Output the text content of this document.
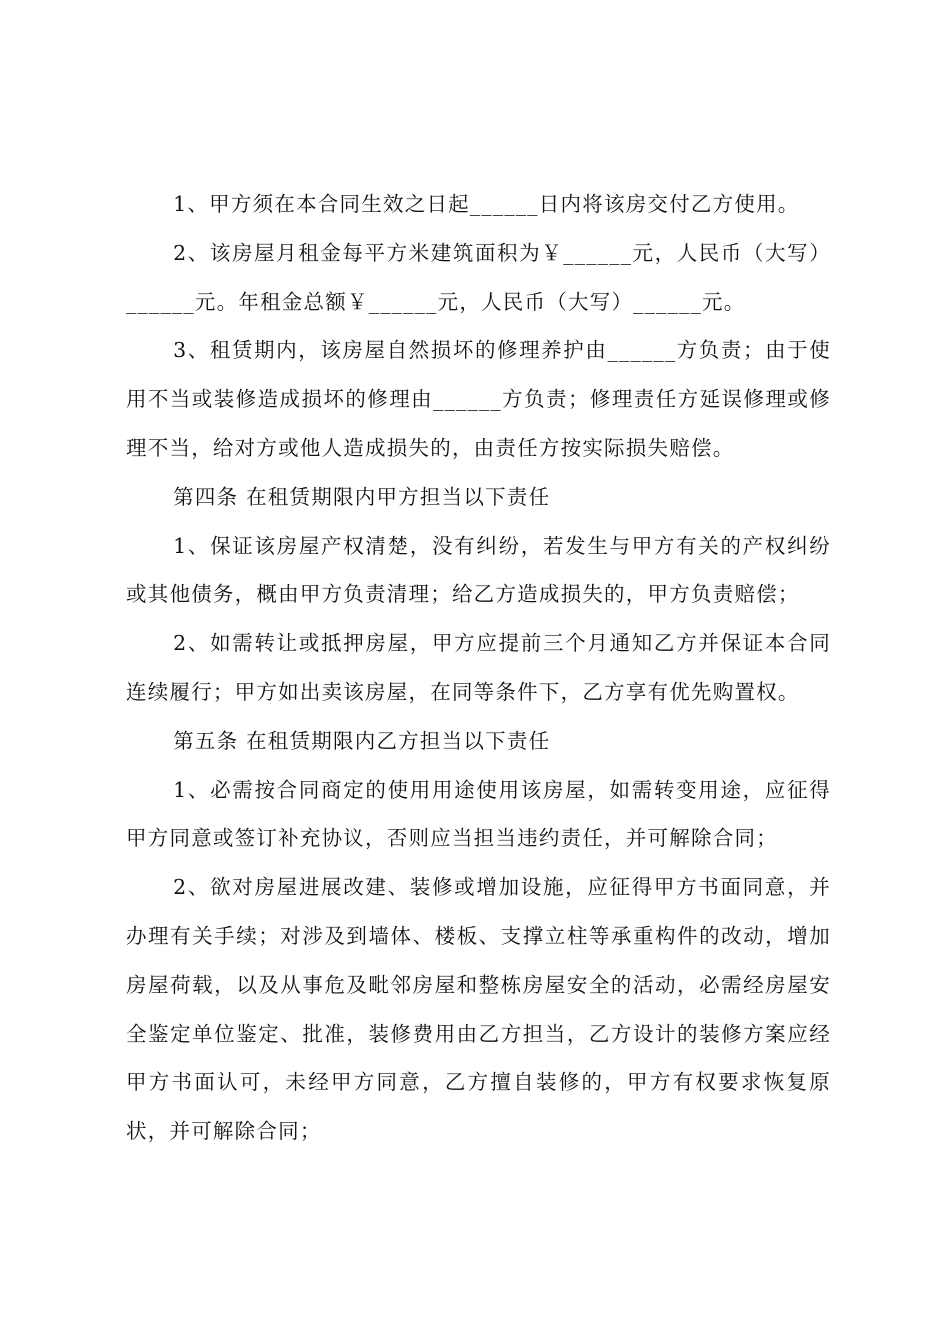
1、甲方须在本合同生效之日起______日内将该房交付乙方使用。

2、该房屋月租金每平方米建筑面积为￥______元，人民币（大写）______元。年租金总额￥______元，人民币（大写）______元。

3、租赁期内，该房屋自然损坏的修理养护由______方负责；由于使用不当或装修造成损坏的修理由______方负责；修理责任方延误修理或修理不当，给对方或他人造成损失的，由责任方按实际损失赔偿。

第四条 在租赁期限内甲方担当以下责任

1、保证该房屋产权清楚，没有纠纷，若发生与甲方有关的产权纠纷或其他债务，概由甲方负责清理；给乙方造成损失的，甲方负责赔偿；

2、如需转让或抵押房屋，甲方应提前三个月通知乙方并保证本合同连续履行；甲方如出卖该房屋，在同等条件下，乙方享有优先购置权。

第五条 在租赁期限内乙方担当以下责任

1、必需按合同商定的使用用途使用该房屋，如需转变用途，应征得甲方同意或签订补充协议，否则应当担当违约责任，并可解除合同；

2、欲对房屋进展改建、装修或增加设施，应征得甲方书面同意，并办理有关手续；对涉及到墙体、楼板、支撑立柱等承重构件的改动，增加房屋荷载，以及从事危及毗邻房屋和整栋房屋安全的活动，必需经房屋安全鉴定单位鉴定、批准，装修费用由乙方担当，乙方设计的装修方案应经甲方书面认可，未经甲方同意，乙方擅自装修的，甲方有权要求恢复原状，并可解除合同；
